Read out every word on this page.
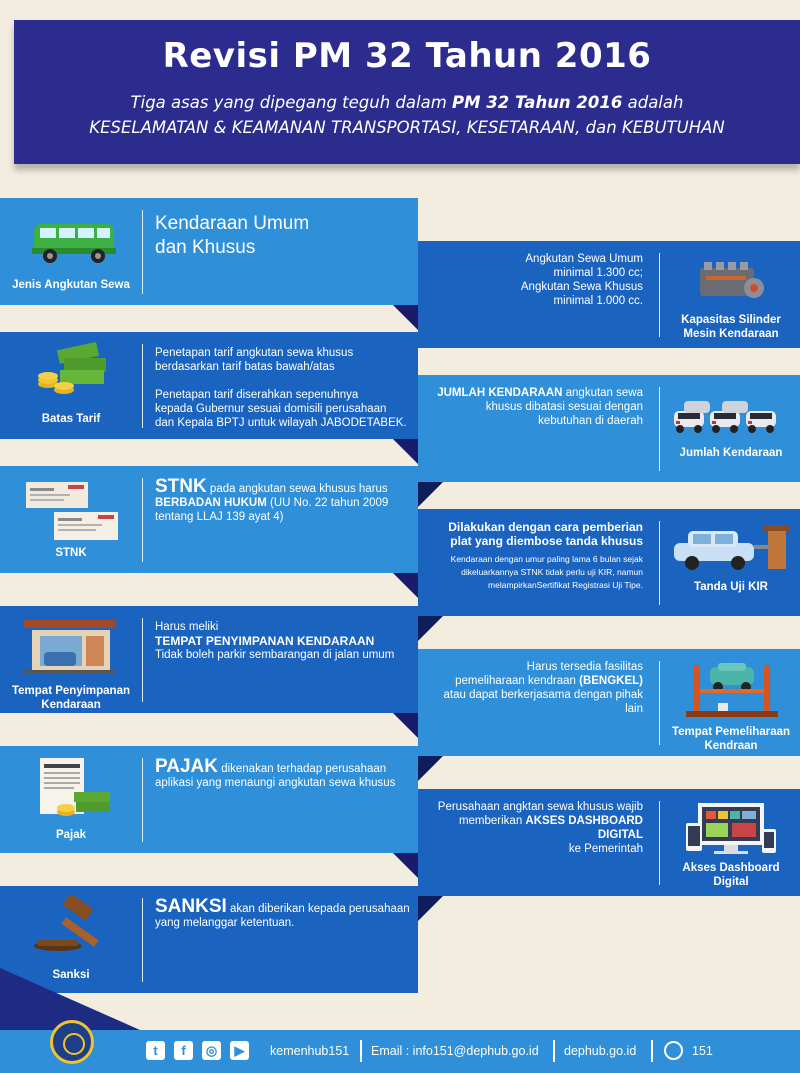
Revisi PM 32 Tahun 2016
Tiga asas yang dipegang teguh dalam PM 32 Tahun 2016 adalah
KESELAMATAN & KEAMANAN TRANSPORTASI, KESETARAAN, dan KEBUTUHAN
Jenis Angkutan Sewa
Kendaraan Umum
dan Khusus
Angkutan Sewa Umum
minimal 1.300 cc;
Angkutan Sewa Khusus
minimal 1.000 cc.
Kapasitas Silinder
Mesin Kendaraan
Batas Tarif
Penetapan tarif angkutan sewa khusus
berdasarkan tarif batas bawah/atas
Penetapan tarif diserahkan sepenuhnya
kepada Gubernur sesuai domisili perusahaan
dan Kepala BPTJ untuk wilayah JABODETABEK.
JUMLAH KENDARAAN angkutan sewa
khusus dibatasi sesuai dengan
kebutuhan di daerah
Jumlah Kendaraan
STNK
STNK pada angkutan sewa khusus harus
BERBADAN HUKUM (UU No. 22 tahun 2009
tentang LLAJ 139 ayat 4)
Dilakukan dengan cara pemberian
plat yang diembose tanda khusus
Kendaraan dengan umur paling lama 6 bulan sejak
dikeluarkannya STNK tidak perlu uji KIR, namun
melampirkanSertifikat Registrasi Uji Tipe.	Tanda Uji KIR
Tempat Penyimpanan
Kendaraan
Harus meliki
TEMPAT PENYIMPANAN KENDARAAN
Tidak boleh parkir sembarangan di jalan umum
Harus tersedia fasilitas
pemeliharaan kendraan (BENGKEL)
atau dapat berkerjasama dengan pihak lain
Tempat Pemeliharaan
Kendraan
Pajak
PAJAK dikenakan terhadap perusahaan
aplikasi yang menaungi angkutan sewa khusus
Perusahaan angktan sewa khusus wajib
memberikan AKSES DASHBOARD DIGITAL
ke Pemerintah
Akses Dashboard
Digital
Sanksi
SANKSI akan diberikan kepada perusahaan
yang melanggar ketentuan.
t	f	◎	▶	kemenhub151 Email : info151@dephub.go.id dephub.go.id	151
